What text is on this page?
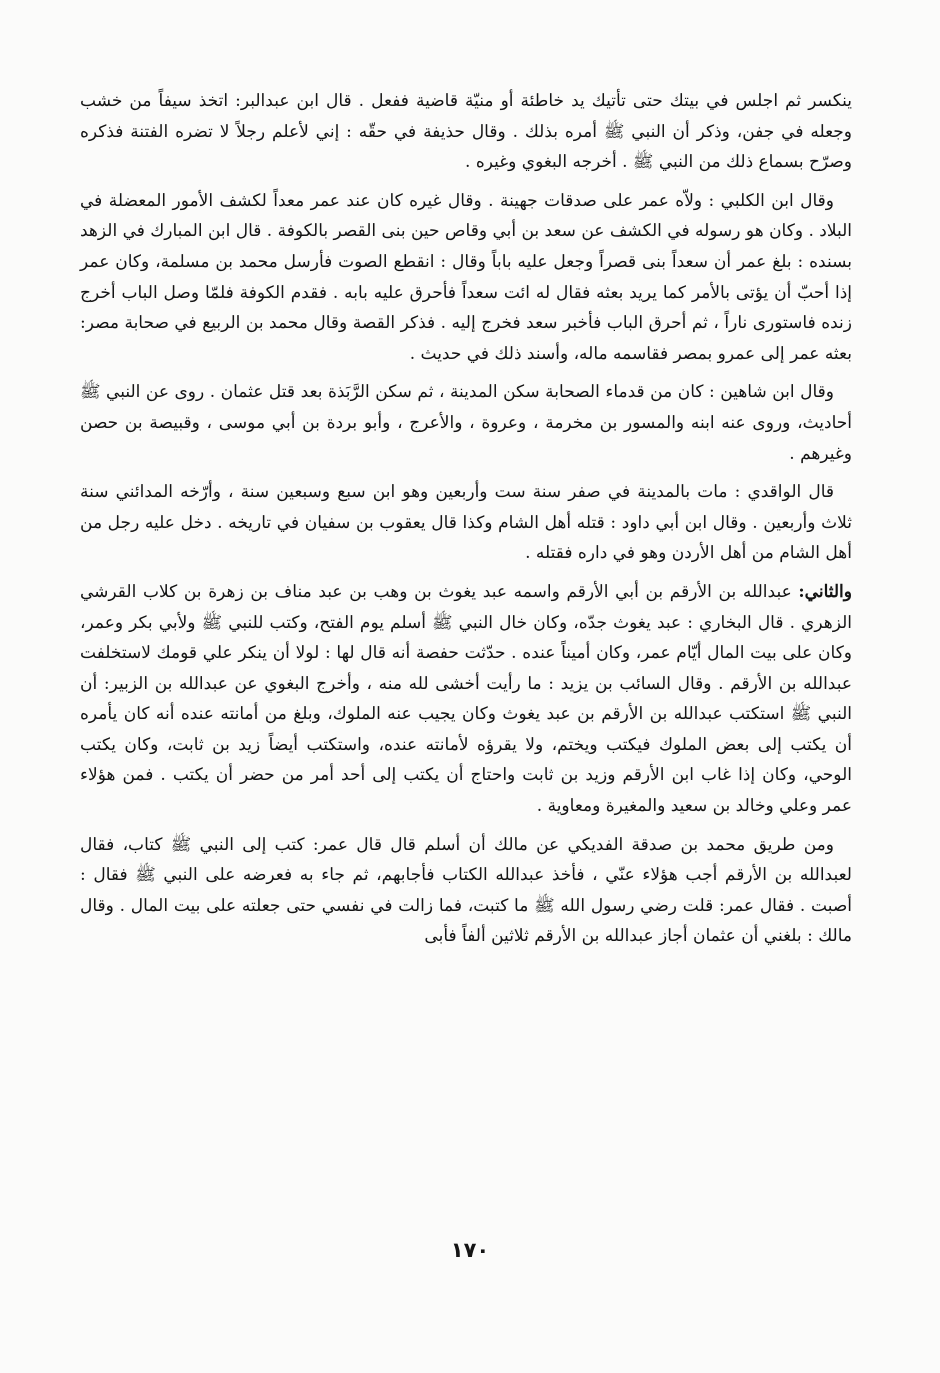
ينكسر ثم اجلس في بيتك حتى تأتيك يد خاطئة أو منيّة قاضية ففعل . قال ابن عبدالبر: اتخذ سيفاً من خشب وجعله في جفن، وذكر أن النبي ﷺ أمره بذلك . وقال حذيفة في حقّه : إني لأعلم رجلاً لا تضره الفتنة فذكره وصرّح بسماع ذلك من النبي ﷺ . أخرجه البغوي وغيره .

وقال ابن الكلبي : ولاّه عمر على صدقات جهينة . وقال غيره كان عند عمر معداً لكشف الأمور المعضلة في البلاد . وكان هو رسوله في الكشف عن سعد بن أبي وقاص حين بنى القصر بالكوفة . قال ابن المبارك في الزهد بسنده : بلغ عمر أن سعداً بنى قصراً وجعل عليه باباً وقال : انقطع الصوت فأرسل محمد بن مسلمة، وكان عمر إذا أحبّ أن يؤتى بالأمر كما يريد بعثه فقال له ائت سعداً فأحرق عليه بابه . فقدم الكوفة فلمّا وصل الباب أخرج زنده فاستورى ناراً ، ثم أحرق الباب فأخبر سعد فخرج إليه . فذكر القصة وقال محمد بن الربيع في صحابة مصر: بعثه عمر إلى عمرو بمصر فقاسمه ماله، وأسند ذلك في حديث .

وقال ابن شاهين : كان من قدماء الصحابة سكن المدينة ، ثم سكن الرَّبَذة بعد قتل عثمان . روى عن النبي ﷺ أحاديث، وروى عنه ابنه والمسور بن مخرمة ، وعروة ، والأعرج ، وأبو بردة بن أبي موسى ، وقبيصة بن حصن وغيرهم .

قال الواقدي : مات بالمدينة في صفر سنة ست وأربعين وهو ابن سبع وسبعين سنة ، وأرّخه المدائني سنة ثلاث وأربعين . وقال ابن أبي داود : قتله أهل الشام وكذا قال يعقوب بن سفيان في تاريخه . دخل عليه رجل من أهل الشام من أهل الأردن وهو في داره فقتله .

والثاني: عبدالله بن الأرقم بن أبي الأرقم واسمه عبد يغوث بن وهب بن عبد مناف بن زهرة بن كلاب القرشي الزهري . قال البخاري : عبد يغوث جدّه، وكان خال النبي ﷺ أسلم يوم الفتح، وكتب للنبي ﷺ ولأبي بكر وعمر، وكان على بيت المال أيّام عمر، وكان أميناً عنده . حدّثت حفصة أنه قال لها : لولا أن ينكر علي قومك لاستخلفت عبدالله بن الأرقم . وقال السائب بن يزيد : ما رأيت أخشى لله منه ، وأخرج البغوي عن عبدالله بن الزبير: أن النبي ﷺ استكتب عبدالله بن الأرقم بن عبد يغوث وكان يجيب عنه الملوك، وبلغ من أمانته عنده أنه كان يأمره أن يكتب إلى بعض الملوك فيكتب ويختم، ولا يقرؤه لأمانته عنده، واستكتب أيضاً زيد بن ثابت، وكان يكتب الوحي، وكان إذا غاب ابن الأرقم وزيد بن ثابت واحتاج أن يكتب إلى أحد أمر من حضر أن يكتب . فمن هؤلاء عمر وعلي وخالد بن سعيد والمغيرة ومعاوية .

ومن طريق محمد بن صدقة الفديكي عن مالك أن أسلم قال قال عمر: كتب إلى النبي ﷺ كتاب، فقال لعبدالله بن الأرقم أجب هؤلاء عنّي ، فأخذ عبدالله الكتاب فأجابهم، ثم جاء به فعرضه على النبي ﷺ فقال : أصبت . فقال عمر: قلت رضي رسول الله ﷺ ما كتبت، فما زالت في نفسي حتى جعلته على بيت المال . وقال مالك : بلغني أن عثمان أجاز عبدالله بن الأرقم ثلاثين ألفاً فأبى

١٧٠
